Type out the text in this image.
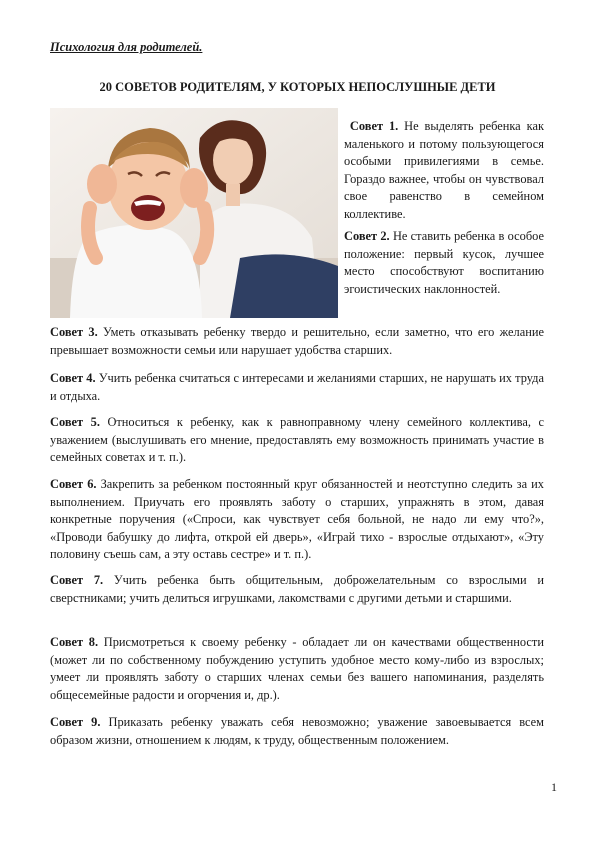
Психология для родителей.
20 СОВЕТОВ РОДИТЕЛЯМ, У КОТОРЫХ НЕПОСЛУШНЫЕ ДЕТИ

Совет 1. Не выделять ребенка как маленького и потому пользующегося особыми привилегиями в семье. Гораздо важнее, чтобы он чувствовал свое равенство в семейном коллективе.

Совет 2. Не ставить ребенка в особое положение: первый кусок, лучшее место способствуют воспитанию эгоистических наклонностей.

Совет 3. Уметь отказывать ребенку твердо и решительно, если заметно, что его желание превышает возможности семьи или нарушает удобства старших.

Совет 4. Учить ребенка считаться с интересами и желаниями старших, не нарушать их труда и отдыха.

Совет 5. Относиться к ребенку, как к равноправному члену семейного коллектива, с уважением (выслушивать его мнение, предоставлять ему возможность принимать участие в семейных советах и т. п.).

Совет 6. Закрепить за ребенком постоянный круг обязанностей и неотступно следить за их выполнением. Приучать его проявлять заботу о старших, упражнять в этом, давая конкретные поручения («Спроси, как чувствует себя больной, не надо ли ему что?», «Проводи бабушку до лифта, открой ей дверь», «Играй тихо - взрослые отдыхают», «Эту половину съешь сам, а эту оставь сестре» и т. п.).

Совет 7. Учить ребенка быть общительным, доброжелательным со взрослыми и сверстниками; учить делиться игрушками, лакомствами с другими детьми и старшими.

Совет 8. Присмотреться к своему ребенку - обладает ли он качествами общественности (может ли по собственному побуждению уступить удобное место кому-либо из взрослых; умеет ли проявлять заботу о старших членах семьи без вашего напоминания, разделять общесемейные радости и огорчения и, др.).

Совет 9. Приказать ребенку уважать себя невозможно; уважение завоевывается всем образом жизни, отношением к людям, к труду, общественным положением.

1
